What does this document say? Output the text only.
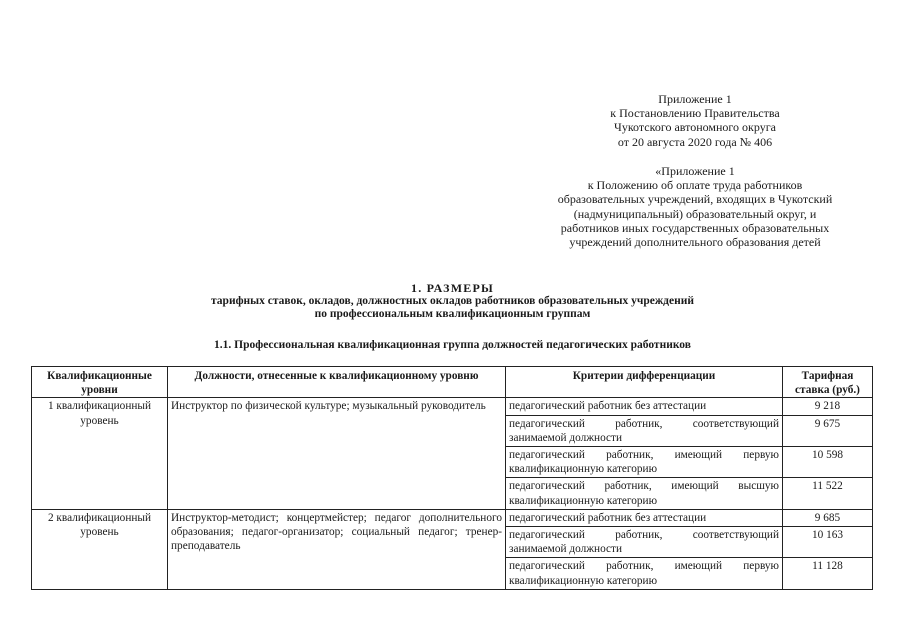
Приложение 1
к Постановлению Правительства
Чукотского автономного округа
от 20 августа 2020 года № 406
«Приложение 1
к Положению об оплате труда работников
образовательных учреждений, входящих в Чукотский
(надмуниципальный) образовательный округ, и
работников иных государственных образовательных
учреждений дополнительного образования детей
1. РАЗМЕРЫ
тарифных ставок, окладов, должностных окладов работников образовательных учреждений
по профессиональным квалификационным группам
1.1. Профессиональная квалификационная группа должностей педагогических работников
Квалификационные уровни	Должности, отнесенные к квалификационному уровню	Критерии дифференциации	Тарифная ставка (руб.)
1 квалификационный уровень	Инструктор по физической культуре; музыкальный руководитель	педагогический работник без аттестации	9 218
		педагогический работник, соответствующий занимаемой должности	9 675
		педагогический работник, имеющий первую квалификационную категорию	10 598
		педагогический работник, имеющий высшую квалификационную категорию	11 522
2 квалификационный уровень	Инструктор-методист; концертмейстер; педагог дополнительного образования; педагог-организатор; социальный педагог; тренер-преподаватель	педагогический работник без аттестации	9 685
		педагогический работник, соответствующий занимаемой должности	10 163
		педагогический работник, имеющий первую квалификационную категорию	11 128
